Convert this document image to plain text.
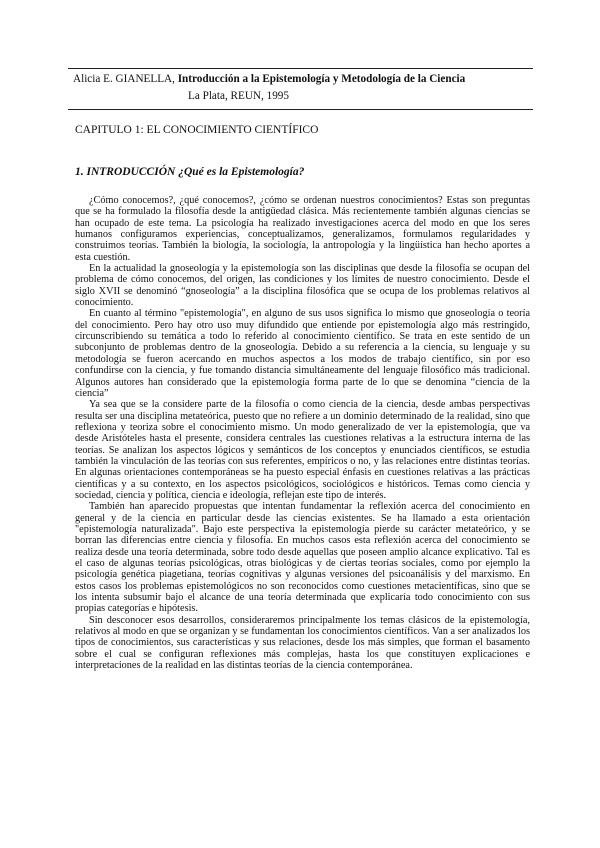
Alicia E. GIANELLA, Introducción a la Epistemología y Metodología de la Ciencia
La Plata, REUN, 1995
CAPITULO 1: EL CONOCIMIENTO CIENTÍFICO
1. INTRODUCCIÓN ¿Qué es la Epistemología?

¿Cómo conocemos?, ¿qué conocemos?, ¿cómo se ordenan nuestros conocimientos? Estas son preguntas que se ha formulado la filosofía desde la antigüedad clásica. Más recientemente también algunas ciencias se han ocupado de este tema. La psicología ha realizado investigaciones acerca del modo en que los seres humanos configuramos experiencias, conceptualizamos, generalizamos, formulamos regularidades y construimos teorías. También la biología, la sociología, la antropología y la lingüística han hecho aportes a esta cuestión.

En la actualidad la gnoseología y la epistemología son las disciplinas que desde la filosofía se ocupan del problema de cómo conocemos, del origen, las condiciones y los límites de nuestro conocimiento. Desde el siglo XVII se denominó “gnoseología” a la disciplina filosófica que se ocupa de los problemas relativos al conocimiento.

En cuanto al término "epistemología", en alguno de sus usos significa lo mismo que gnoseología o teoría del conocimiento. Pero hay otro uso muy difundido que entiende por epistemología algo más restringido, circunscribiendo su temática a todo lo referido al conocimiento científico. Se trata en este sentido de un subconjunto de problemas dentro de la gnoseología. Debido a su referencia a la ciencia, su lenguaje y su metodología se fueron acercando en muchos aspectos a los modos de trabajo científico, sin por eso confundirse con la ciencia, y fue tomando distancia simultáneamente del lenguaje filosófico más tradicional. Algunos autores han considerado que la epistemología forma parte de lo que se denomina “ciencia de la ciencia”

Ya sea que se la considere parte de la filosofía o como ciencia de la ciencia, desde ambas perspectivas resulta ser una disciplina metateórica, puesto que no refiere a un dominio determinado de la realidad, sino que reflexiona y teoriza sobre el conocimiento mismo. Un modo generalizado de ver la epistemología, que va desde Aristóteles hasta el presente, considera centrales las cuestiones relativas a la estructura interna de las teorías. Se analizan los aspectos lógicos y semánticos de los conceptos y enunciados científicos, se estudia también la vinculación de las teorías con sus referentes, empíricos o no, y las relaciones entre distintas teorías. En algunas orientaciones contemporáneas se ha puesto especial énfasis en cuestiones relativas a las prácticas científicas y a su contexto, en los aspectos psicológicos, sociológicos e históricos. Temas como ciencia y sociedad, ciencia y política, ciencia e ideología, reflejan este tipo de interés.

También han aparecido propuestas que intentan fundamentar la reflexión acerca del conocimiento en general y de la ciencia en particular desde las ciencias existentes. Se ha llamado a esta orientación "epistemología naturalizada". Bajo este perspectiva la epistemología pierde su carácter metateórico, y se borran las diferencias entre ciencia y filosofía. En muchos casos esta reflexión acerca del conocimiento se realiza desde una teoría determinada, sobre todo desde aquellas que poseen amplio alcance explicativo. Tal es el caso de algunas teorías psicológicas, otras biológicas y de ciertas teorías sociales, como por ejemplo la psicología genética piagetiana, teorías cognitivas y algunas versiones del psicoanálisis y del marxismo. En estos casos los problemas epistemológicos no son reconocidos como cuestiones metacientíficas, sino que se los intenta subsumir bajo el alcance de una teoría determinada que explicaría todo conocimiento con sus propias categorías e hipótesis.

Sin desconocer esos desarrollos, consideraremos principalmente los temas clásicos de la epistemología, relativos al modo en que se organizan y se fundamentan los conocimientos científicos. Van a ser analizados los tipos de conocimientos, sus características y sus relaciones, desde los más simples, que forman el basamento sobre el cual se configuran reflexiones más complejas, hasta los que constituyen explicaciones e interpretaciones de la realidad en las distintas teorías de la ciencia contemporánea.
